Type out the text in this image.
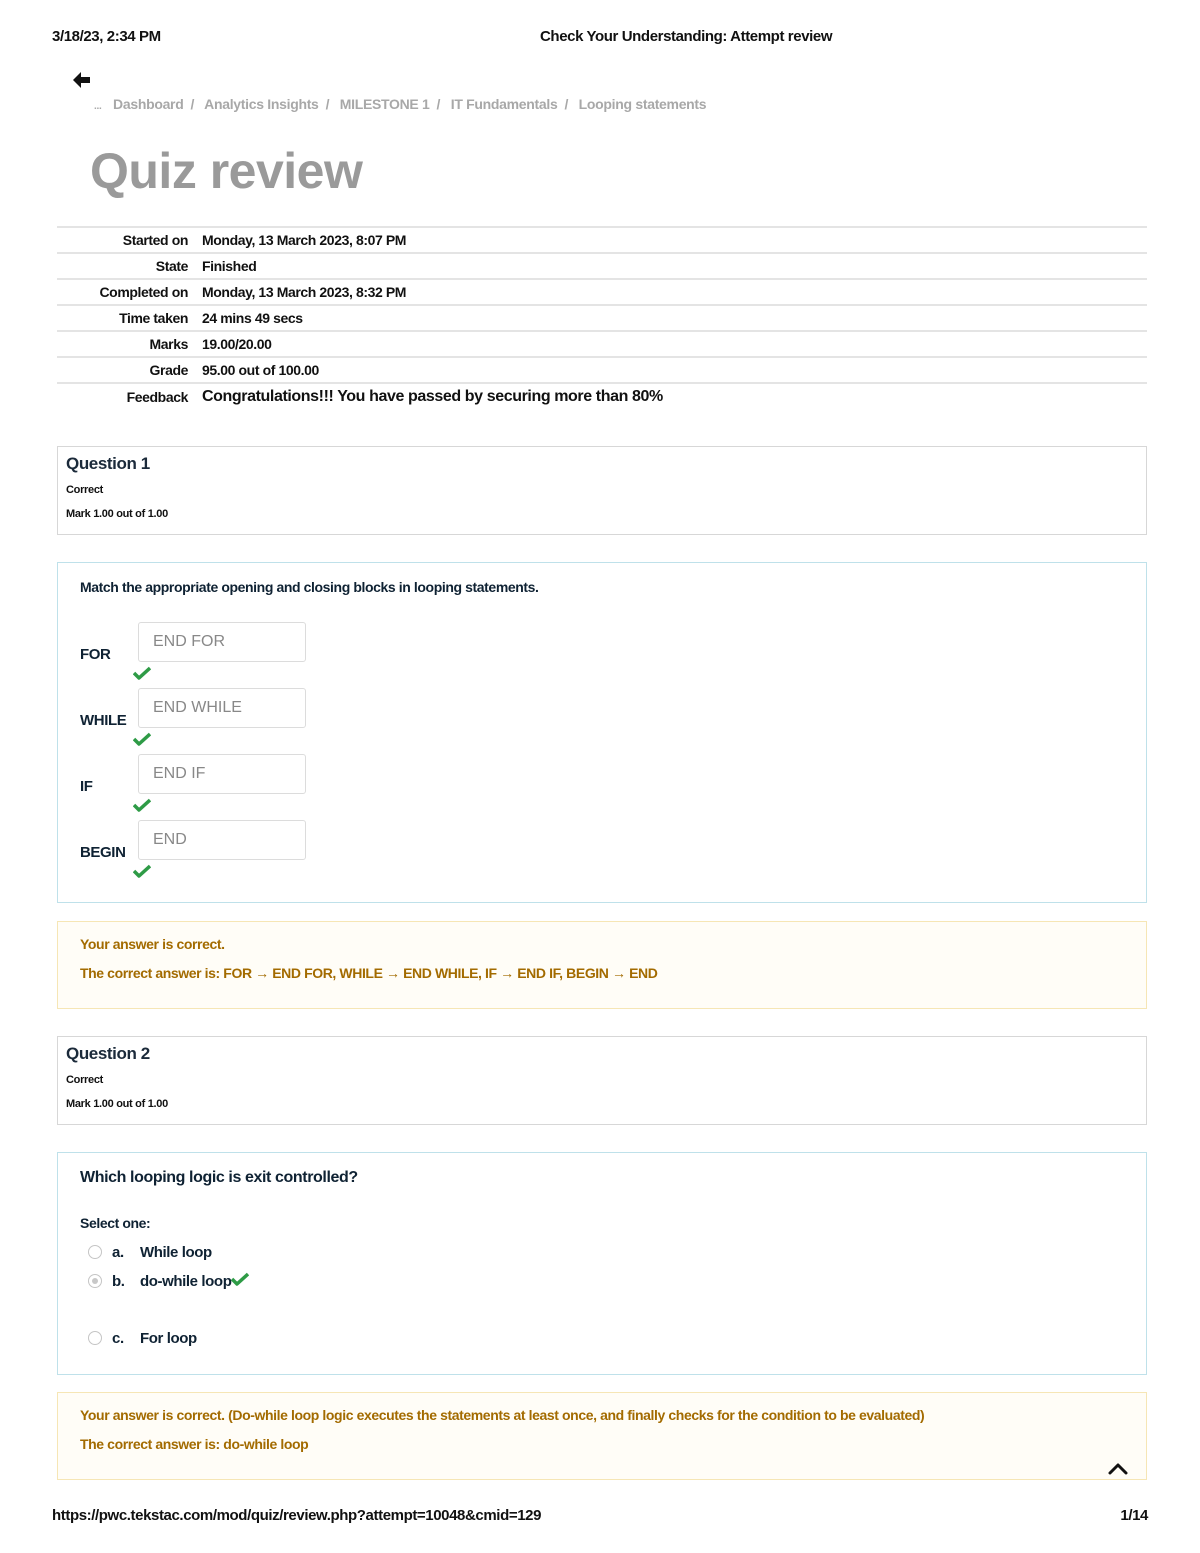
3/18/23, 2:34 PM	Check Your Understanding: Attempt review
... Dashboard / Analytics Insights / MILESTONE 1 / IT Fundamentals / Looping statements
Quiz review
Started on	Monday, 13 March 2023, 8:07 PM
State	Finished
Completed on	Monday, 13 March 2023, 8:32 PM
Time taken	24 mins 49 secs
Marks	19.00/20.00
Grade	95.00 out of 100.00
Feedback	Congratulations!!! You have passed by securing more than 80%
Question 1
Correct
Mark 1.00 out of 1.00
Match the appropriate opening and closing blocks in looping statements.
FOR
END FOR
WHILE
END WHILE
IF
END IF
BEGIN
END
Your answer is correct.
The correct answer is: FOR → END FOR, WHILE → END WHILE, IF → END IF, BEGIN → END
Question 2
Correct
Mark 1.00 out of 1.00
Which looping logic is exit controlled?
Select one:
a. While loop
b. do-while loop
c. For loop
Your answer is correct. (Do-while loop logic executes the statements at least once, and finally checks for the condition to be evaluated)
The correct answer is: do-while loop
https://pwc.tekstac.com/mod/quiz/review.php?attempt=10048&cmid=129	1/14
